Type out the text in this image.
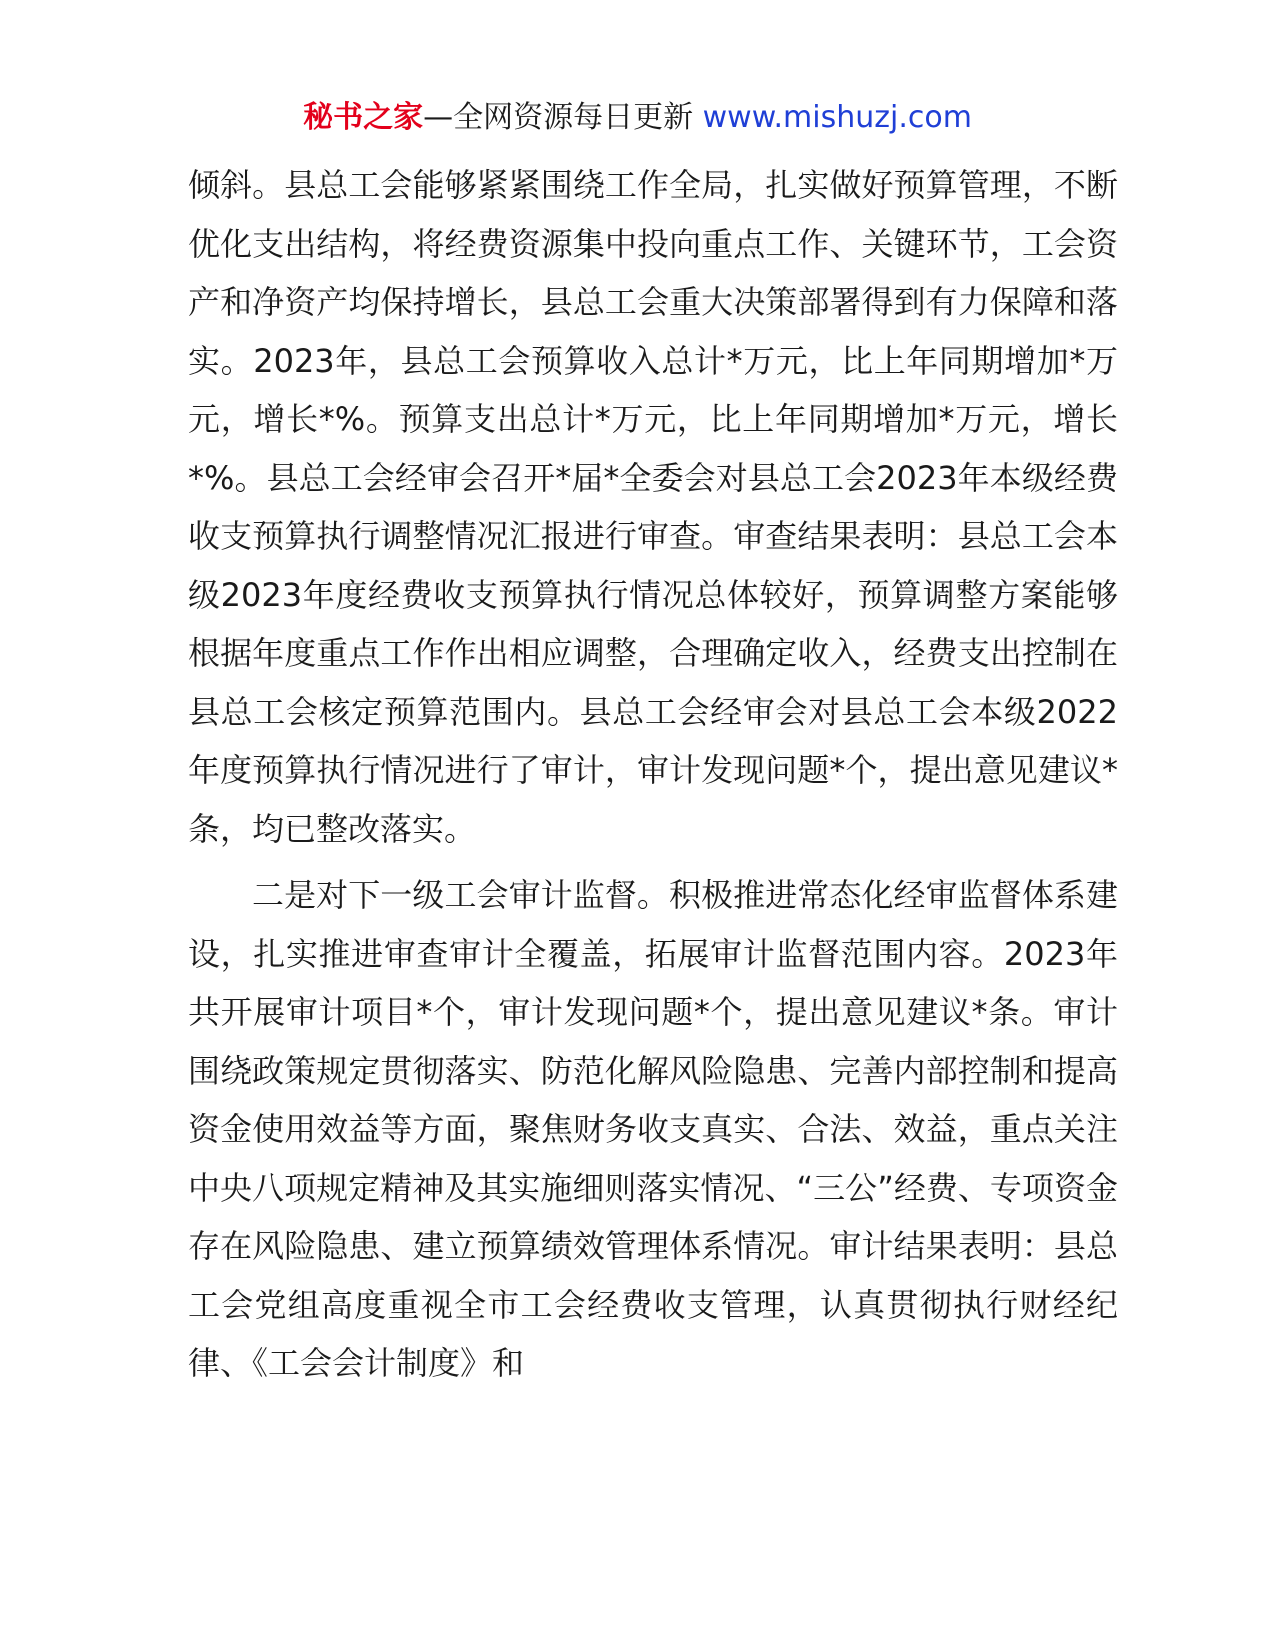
秘书之家—全网资源每日更新 www.mishuzj.com

倾斜。县总工会能够紧紧围绕工作全局，扎实做好预算管理，不断优化支出结构，将经费资源集中投向重点工作、关键环节，工会资产和净资产均保持增长，县总工会重大决策部署得到有力保障和落实。2023年，县总工会预算收入总计*万元，比上年同期增加*万元，增长*%。预算支出总计*万元，比上年同期增加*万元，增长*%。县总工会经审会召开*届*全委会对县总工会2023年本级经费收支预算执行调整情况汇报进行审查。审查结果表明：县总工会本级2023年度经费收支预算执行情况总体较好，预算调整方案能够根据年度重点工作作出相应调整，合理确定收入，经费支出控制在县总工会核定预算范围内。县总工会经审会对县总工会本级2022年度预算执行情况进行了审计，审计发现问题*个，提出意见建议*条，均已整改落实。

二是对下一级工会审计监督。积极推进常态化经审监督体系建设，扎实推进审查审计全覆盖，拓展审计监督范围内容。2023年共开展审计项目*个，审计发现问题*个，提出意见建议*条。审计围绕政策规定贯彻落实、防范化解风险隐患、完善内部控制和提高资金使用效益等方面，聚焦财务收支真实、合法、效益，重点关注中央八项规定精神及其实施细则落实情况、“三公”经费、专项资金存在风险隐患、建立预算绩效管理体系情况。审计结果表明：县总工会党组高度重视全市工会经费收支管理，认真贯彻执行财经纪律、《工会会计制度》和
